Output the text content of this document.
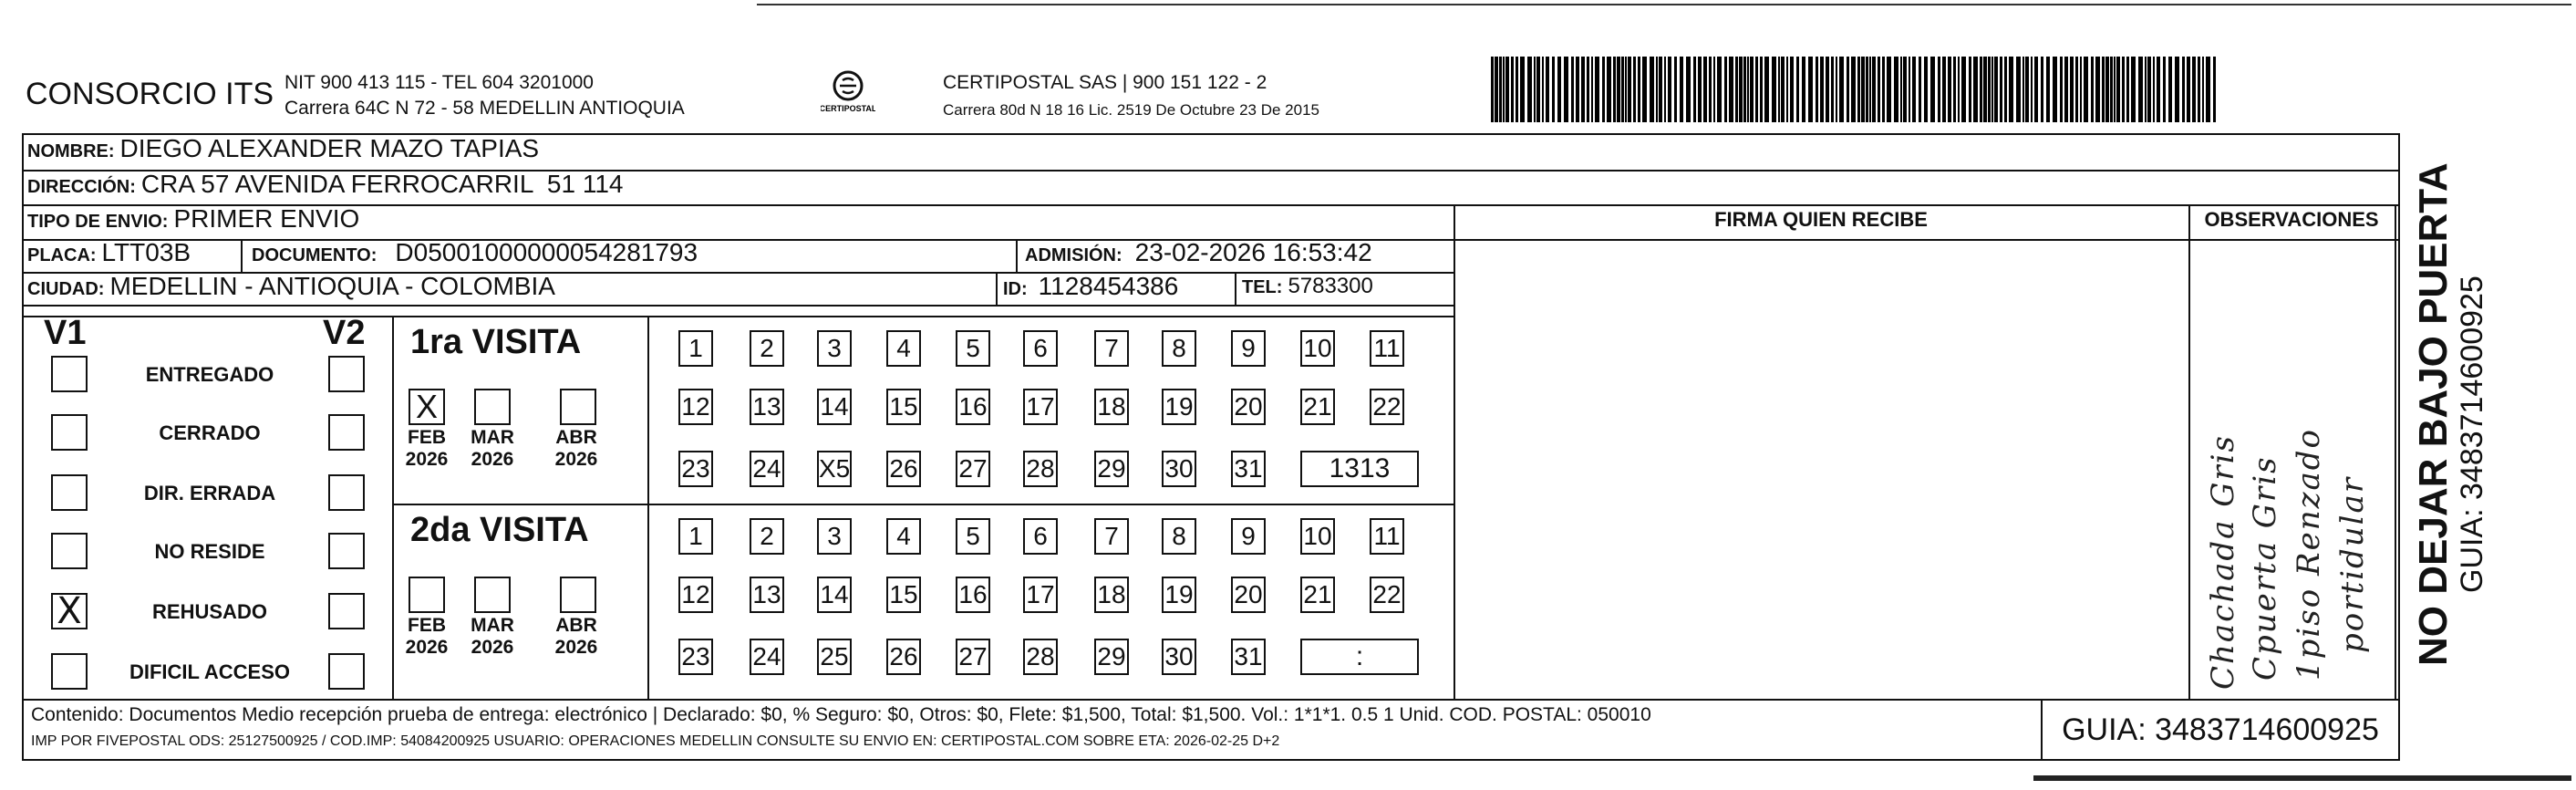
CONSORCIO ITS NIT 900 413 115 - TEL 604 3201000
Carrera 64C N 72 - 58 MEDELLIN ANTIOQUIA	CERTIPOSTAL
CERTIPOSTAL SAS | 900 151 122 - 2
Carrera 80d N 18 16 Lic. 2519 De Octubre 23 De 2015
NOMBRE: DIEGO ALEXANDER MAZO TAPIAS
DIRECCIÓN: CRA 57 AVENIDA FERROCARRIL  51 114
TIPO DE ENVIO: PRIMER ENVIO
PLACA: LTT03B	DOCUMENTO: D05001000000054281793	ADMISIÓN: 23-02-2026 16:53:42
CIUDAD: MEDELLIN - ANTIOQUIA - COLOMBIA	ID: 1128454386	TEL: 5783300
FIRMA QUIEN RECIBE	OBSERVACIONES
V1	V2
ENTREGADO
CERRADO
DIR. ERRADA
NO RESIDE
X	REHUSADO
DIFICIL ACCESO
1ra VISITA
X
FEB
2026
MAR
2026
ABR
2026
1	2	3	4	5	6	7	8	9	10 11
12 13 14 15 16 17 18 19 20 21 22
23 24 X5 26 27 28 29 30 31	1313
2da VISITA
FEB
2026
MAR
2026
ABR
2026
1	2	3	4	5	6	7	8	9	10 11
12 13 14 15 16 17 18 19 20 21 22
23 24 25 26 27 28 29 30 31	:	Chachada Gris Cpuerta Gris 1piso Renzado portidular
Contenido: Documentos Medio recepción prueba de entrega: electrónico | Declarado: $0, % Seguro: $0, Otros: $0, Flete: $1,500, Total: $1,500. Vol.: 1*1*1. 0.5 1 Unid. COD. POSTAL: 050010
IMP POR FIVEPOSTAL ODS: 25127500925 / COD.IMP: 54084200925 USUARIO: OPERACIONES MEDELLIN CONSULTE SU ENVIO EN: CERTIPOSTAL.COM SOBRE ETA: 2026-02-25 D+2	GUIA: 3483714600925
NO DEJAR BAJO PUERTA GUIA: 3483714600925
